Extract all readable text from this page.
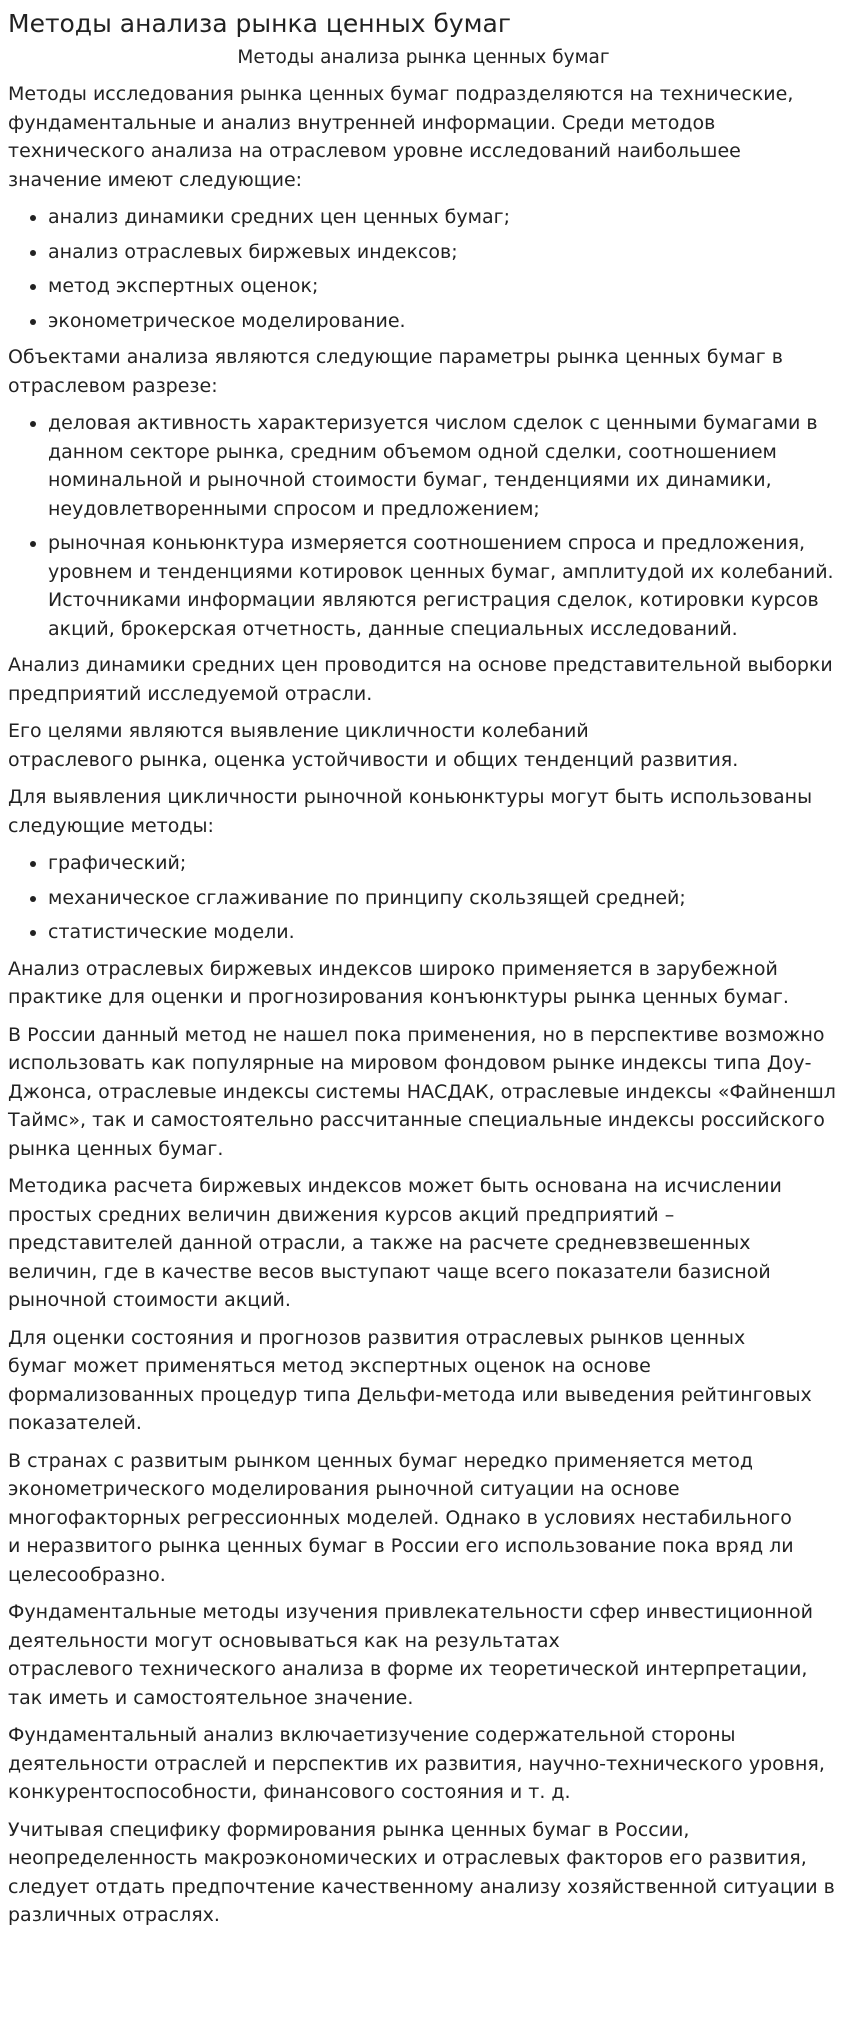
Методы анализа рынка ценных бумаг
Методы анализа рынка ценных бумаг

Методы исследования рынка ценных бумаг подразделяются на технические,
фундаментальные и анализ внутренней информации. Среди методов
технического анализа на отраслевом уровне исследований наибольшее
значение имеют следующие:

• анализ динамики средних цен ценных бумаг;
• анализ отраслевых биржевых индексов;
• метод экспертных оценок;
• эконометрическое моделирование.

Объектами анализа являются следующие параметры рынка ценных бумаг в
отраслевом разрезе:

• деловая активность характеризуется числом сделок с ценными бумагами в
данном секторе рынка, средним объемом одной сделки, соотношением
номинальной и рыночной стоимости бумаг, тенденциями их динамики,
неудовлетворенными спросом и предложением;
• рыночная коньюнктура измеряется соотношением спроса и предложения,
уровнем и тенденциями котировок ценных бумаг, амплитудой их колебаний.
Источниками информации являются регистрация сделок, котировки курсов
акций, брокерская отчетность, данные специальных исследований.

Анализ динамики средних цен проводится на основе представительной выборки
предприятий исследуемой отрасли.

Его целями являются выявление цикличности колебаний
отраслевого рынка, оценка устойчивости и общих тенденций развития.

Для выявления цикличности рыночной коньюнктуры могут быть использованы
следующие методы:

• графический;
• механическое сглаживание по принципу скользящей средней;
• статистические модели.

Анализ отраслевых биржевых индексов широко применяется в зарубежной
практике для оценки и прогнозирования конъюнктуры рынка ценных бумаг.

В России данный метод не нашел пока применения, но в перспективе возможно
использовать как популярные на мировом фондовом рынке индексы типа Доу-
Джонса, отраслевые индексы системы НАСДАК, отраслевые индексы «Файненшл
Таймс», так и самостоятельно рассчитанные специальные индексы российского
рынка ценных бумаг.

Методика расчета биржевых индексов может быть основана на исчислении
простых средних величин движения курсов акций предприятий –
представителей данной отрасли, а также на расчете средневзвешенных
величин, где в качестве весов выступают чаще всего показатели базисной
рыночной стоимости акций.

Для оценки состояния и прогнозов развития отраслевых рынков ценных
бумаг может применяться метод экспертных оценок на основе
формализованных процедур типа Дельфи-метода или выведения рейтинговых
показателей.

В странах с развитым рынком ценных бумаг нередко применяется метод
эконометрического моделирования рыночной ситуации на основе
многофакторных регрессионных моделей. Однако в условиях нестабильного
и неразвитого рынка ценных бумаг в России его использование пока вряд ли
целесообразно.

Фундаментальные методы изучения привлекательности сфер инвестиционной
деятельности могут основываться как на результатах
отраслевого технического анализа в форме их теоретической интерпретации,
так иметь и самостоятельное значение.

Фундаментальный анализ включаетизучение содержательной стороны
деятельности отраслей и перспектив их развития, научно-технического уровня,
конкурентоспособности, финансового состояния и т. д.

Учитывая специфику формирования рынка ценных бумаг в России,
неопределенность макроэкономических и отраслевых факторов его развития,
следует отдать предпочтение качественному анализу хозяйственной ситуации в
различных отраслях.
